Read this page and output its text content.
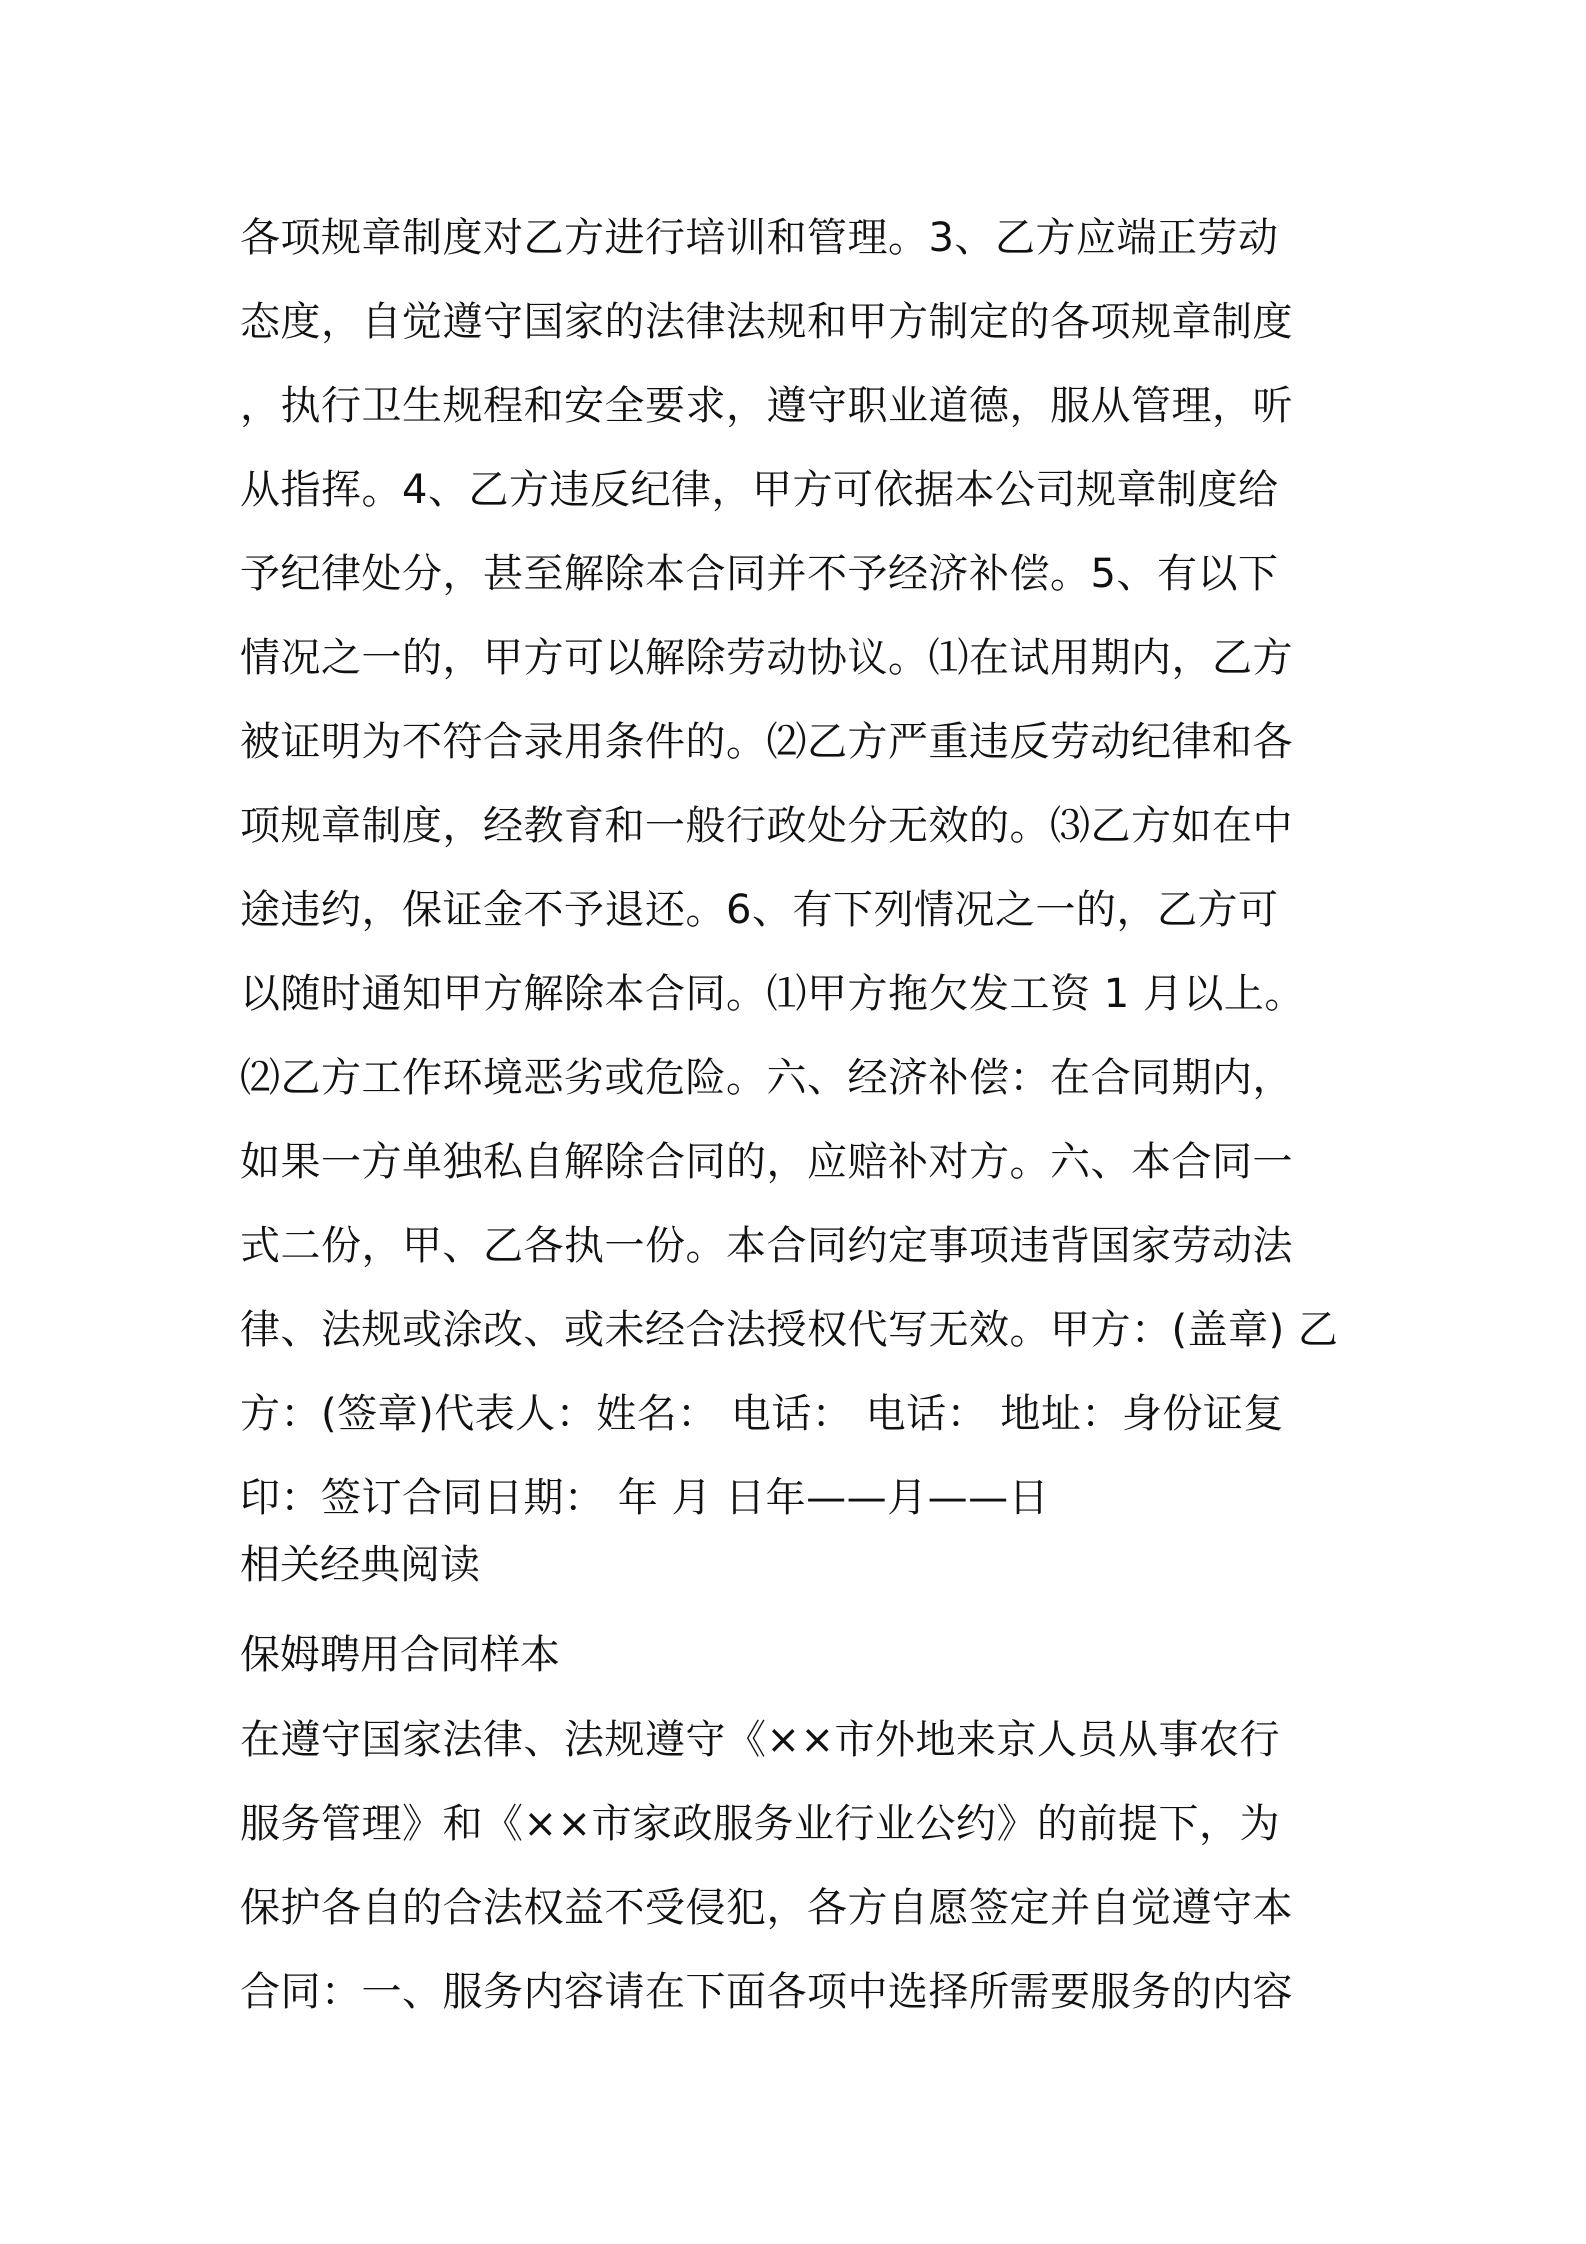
各项规章制度对乙方进行培训和管理。3、乙方应端正劳动
态度，自觉遵守国家的法律法规和甲方制定的各项规章制度
，执行卫生规程和安全要求，遵守职业道德，服从管理，听
从指挥。4、乙方违反纪律，甲方可依据本公司规章制度给
予纪律处分，甚至解除本合同并不予经济补偿。5、有以下
情况之一的，甲方可以解除劳动协议。⑴在试用期内，乙方
被证明为不符合录用条件的。⑵乙方严重违反劳动纪律和各
项规章制度，经教育和一般行政处分无效的。⑶乙方如在中
途违约，保证金不予退还。6、有下列情况之一的，乙方可
以随时通知甲方解除本合同。⑴甲方拖欠发工资 1 月以上。
⑵乙方工作环境恶劣或危险。六、经济补偿：在合同期内，
如果一方单独私自解除合同的，应赔补对方。六、本合同一
式二份，甲、乙各执一份。本合同约定事项违背国家劳动法
律、法规或涂改、或未经合法授权代写无效。甲方：(盖章) 乙
方：(签章)代表人：姓名： 电话： 电话： 地址：身份证复
印：签订合同日期： 年 月 日年——月——日
相关经典阅读
保姆聘用合同样本
在遵守国家法律、法规遵守《××市外地来京人员从事农行
服务管理》和《××市家政服务业行业公约》的前提下，为
保护各自的合法权益不受侵犯，各方自愿签定并自觉遵守本
合同：一、服务内容请在下面各项中选择所需要服务的内容
